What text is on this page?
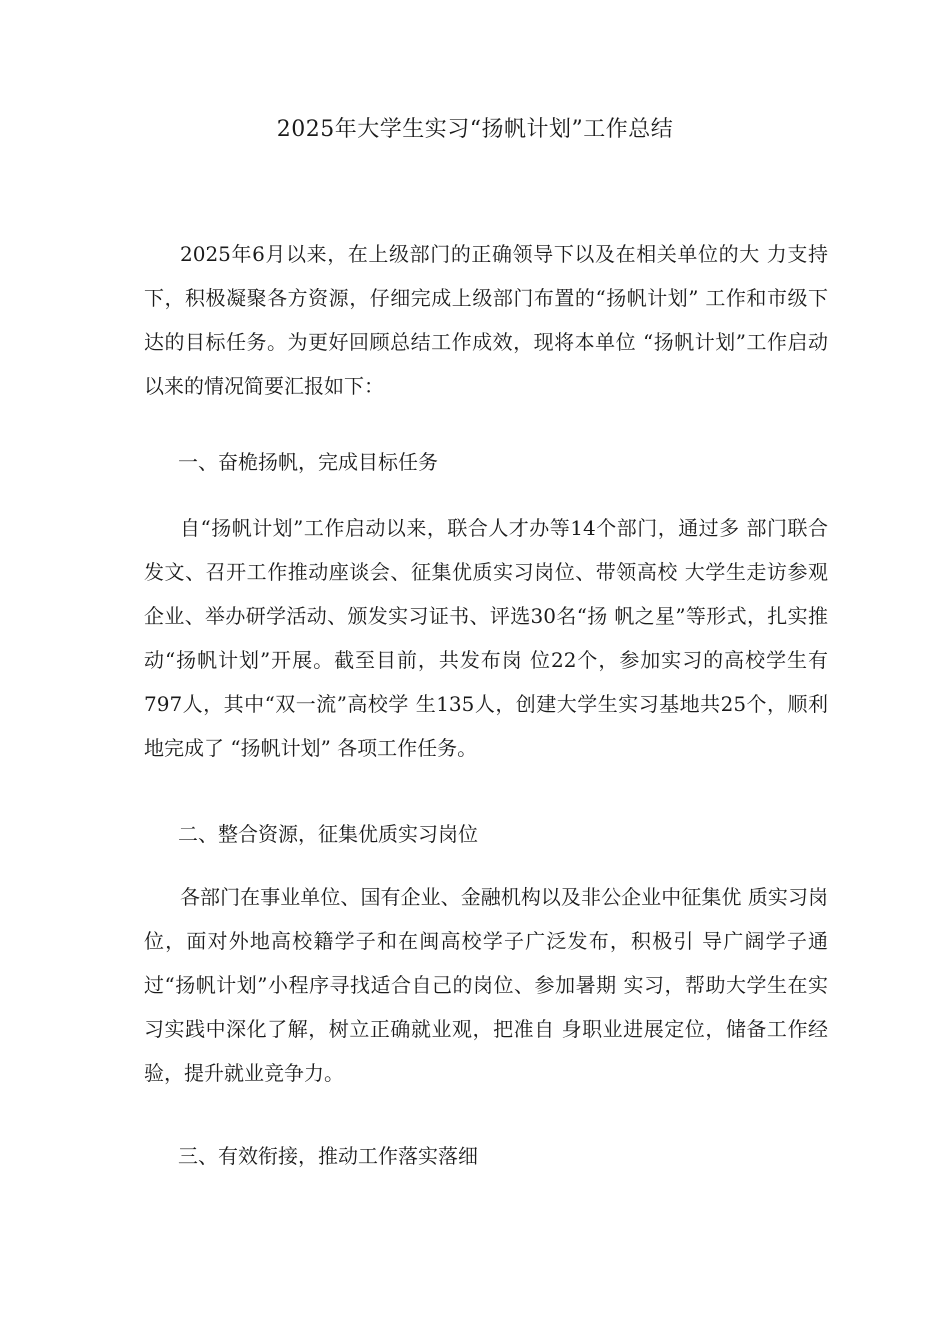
2025年大学生实习“扬帆计划”工作总结

2025年6月以来，在上级部门的正确领导下以及在相关单位的大 力支持下，积极凝聚各方资源，仔细完成上级部门布置的“扬帆计划” 工作和市级下达的目标任务。为更好回顾总结工作成效，现将本单位 “扬帆计划”工作启动以来的情况简要汇报如下：

一、奋桅扬帆，完成目标任务

自“扬帆计划”工作启动以来，联合人才办等14个部门，通过多 部门联合发文、召开工作推动座谈会、征集优质实习岗位、带领高校 大学生走访参观企业、举办研学活动、颁发实习证书、评选30名“扬 帆之星”等形式，扎实推动“扬帆计划”开展。截至目前，共发布岗 位22个，参加实习的高校学生有797人，其中“双一流”高校学 生135人，创建大学生实习基地共25个，顺利地完成了 “扬帆计划” 各项工作任务。

二、整合资源，征集优质实习岗位

各部门在事业单位、国有企业、金融机构以及非公企业中征集优 质实习岗位，面对外地高校籍学子和在闽高校学子广泛发布，积极引 导广阔学子通过“扬帆计划”小程序寻找适合自己的岗位、参加暑期 实习，帮助大学生在实习实践中深化了解，树立正确就业观，把准自 身职业进展定位，储备工作经验，提升就业竞争力。

三、有效衔接，推动工作落实落细
